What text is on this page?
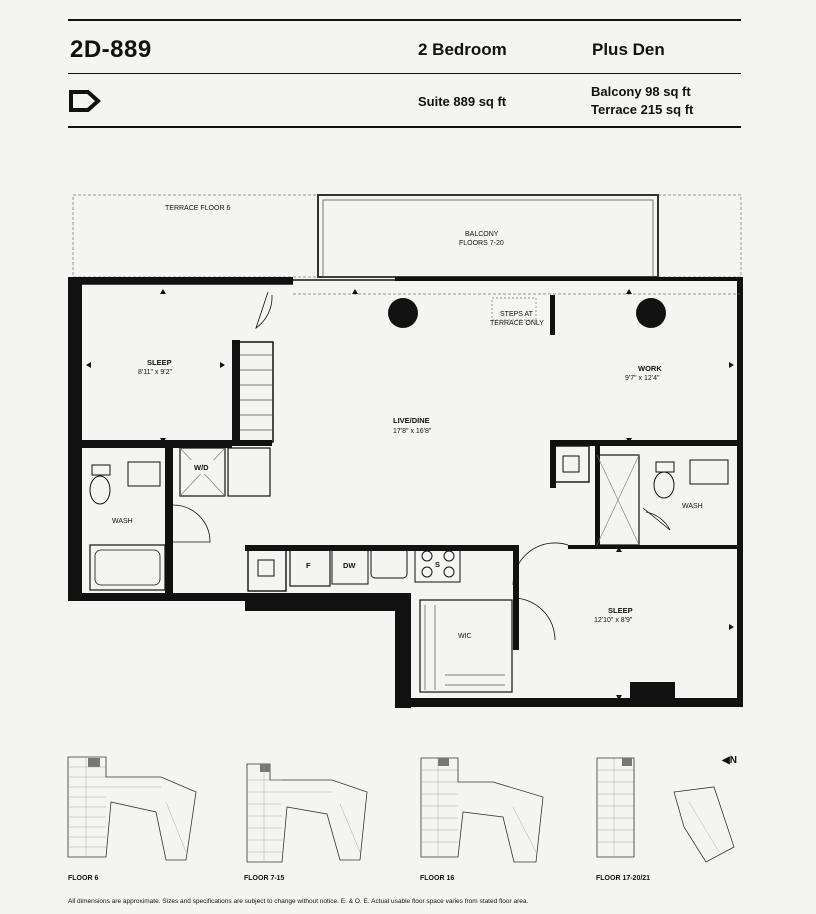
2D-889	2 Bedroom	Plus Den
Suite 889 sq ft
Balcony 98 sq ft
Terrace 215 sq ft
TERRACE FLOOR 6
BALCONY
FLOORS 7-20
WASH
W/D
F	DW	S
WASH
WIC
SLEEP
8'11" x 9'2"
LIVE/DINE
17'8" x 16'8"
WORK
9'7" x 12'4"
SLEEP
12'10" x 8'9"
STEPS AT
TERRACE ONLY
FLOOR 6	FLOOR 7-15	FLOOR 16	FLOOR 17-20/21
◀N
All dimensions are approximate. Sizes and specifications are subject to change without notice. E. & O. E. Actual usable floor space varies from stated floor area.
